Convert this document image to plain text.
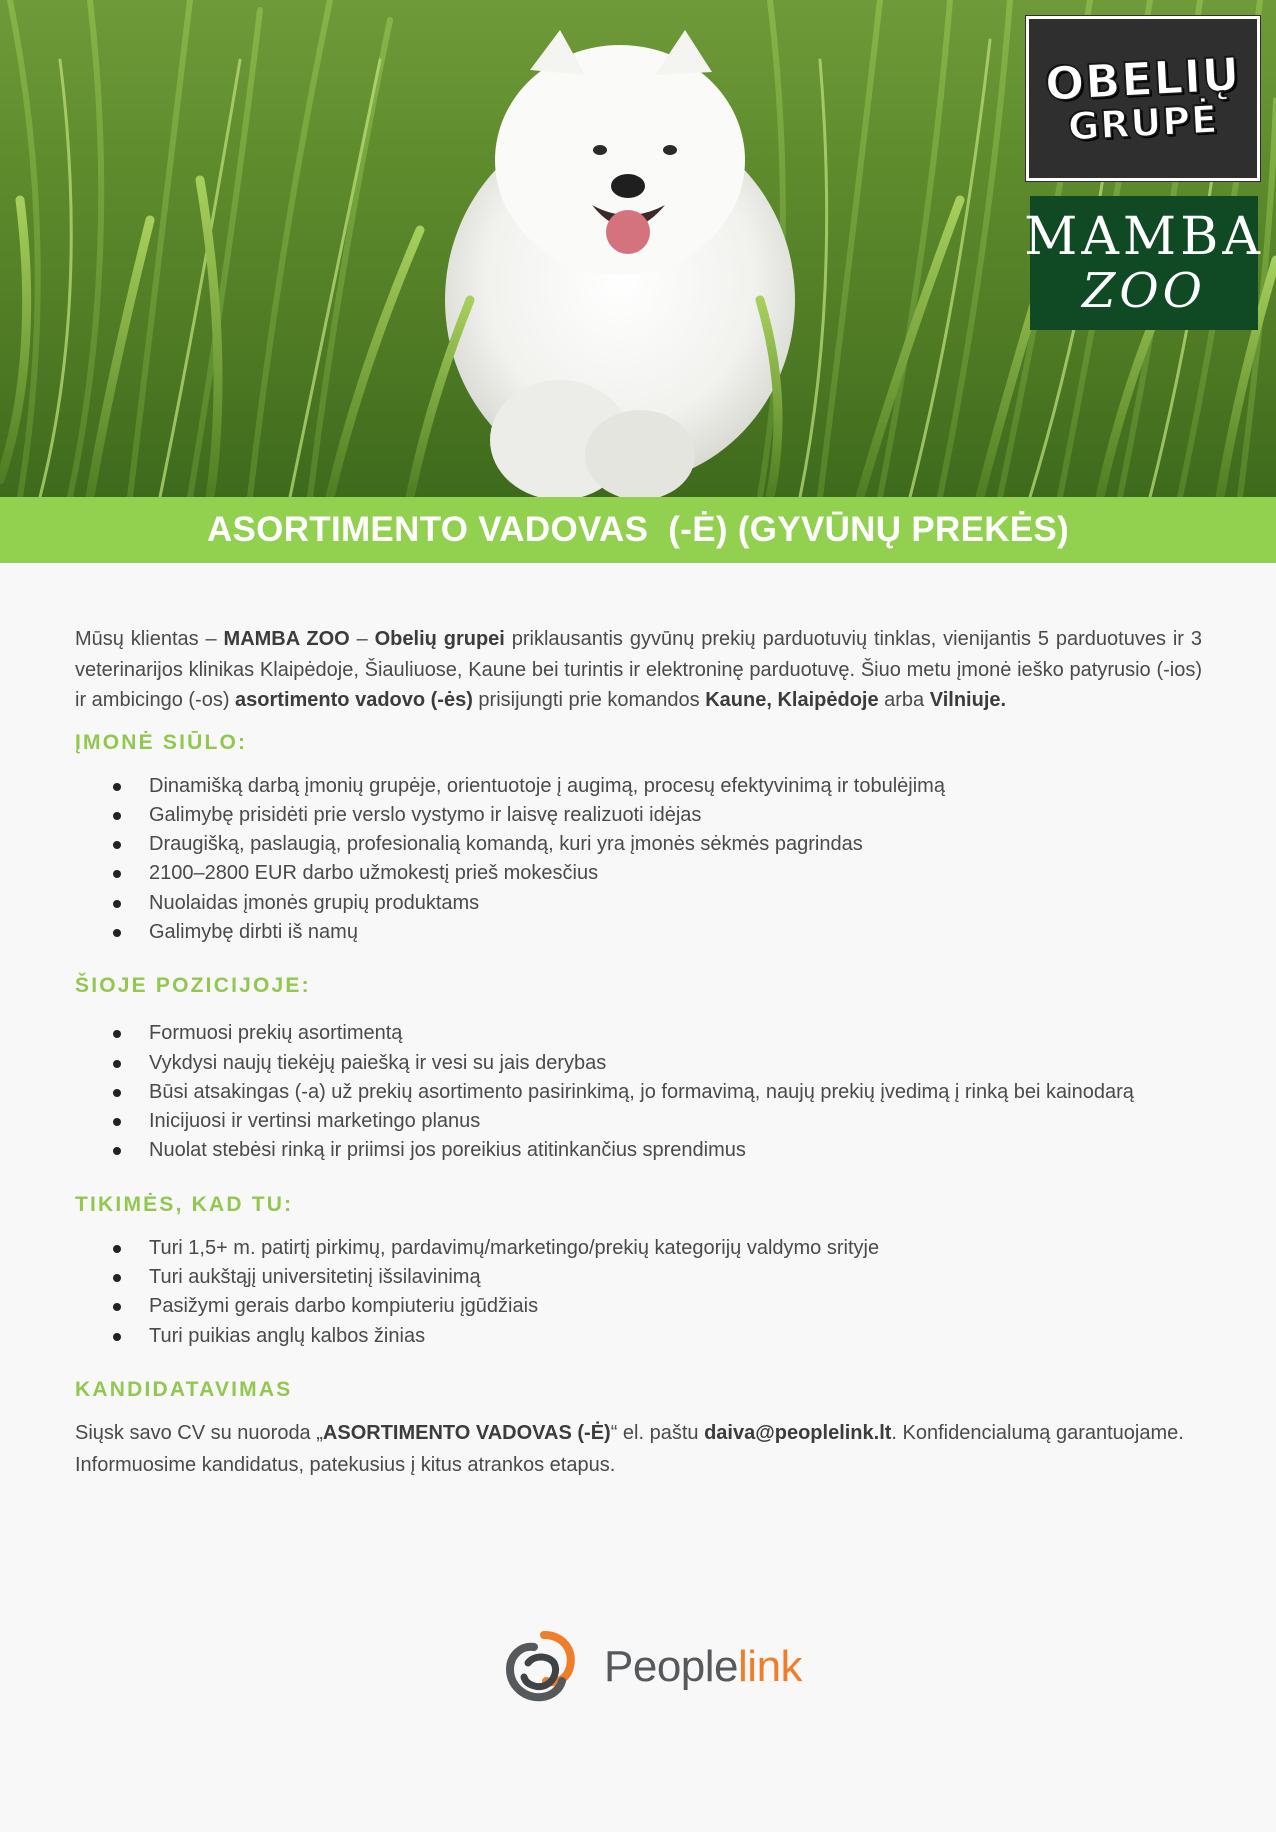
OBELIŲ
GRUPĖ
MAMBA
ZOO
ASORTIMENTO VADOVAS  (-Ė) (GYVŪNŲ PREKĖS)

Mūsų klientas – MAMBA ZOO – Obelių grupei priklausantis gyvūnų prekių parduotuvių tinklas, vienijantis 5 parduotuves ir 3 veterinarijos klinikas Klaipėdoje, Šiauliuose, Kaune bei turintis ir elektroninę parduotuvę. Šiuo metu įmonė ieško patyrusio (-ios) ir ambicingo (-os) asortimento vadovo (-ės) prisijungti prie komandos Kaune, Klaipėdoje arba Vilniuje.

ĮMONĖ SIŪLO:
Dinamišką darbą įmonių grupėje, orientuotoje į augimą, procesų efektyvinimą ir tobulėjimą
Galimybę prisidėti prie verslo vystymo ir laisvę realizuoti idėjas
Draugišką, paslaugią, profesionalią komandą, kuri yra įmonės sėkmės pagrindas
2100–2800 EUR darbo užmokestį prieš mokesčius
Nuolaidas įmonės grupių produktams
Galimybę dirbti iš namų
ŠIOJE POZICIJOJE:
Formuosi prekių asortimentą
Vykdysi naujų tiekėjų paiešką ir vesi su jais derybas
Būsi atsakingas (-a) už prekių asortimento pasirinkimą, jo formavimą, naujų prekių įvedimą į rinką bei kainodarą
Inicijuosi ir vertinsi marketingo planus
Nuolat stebėsi rinką ir priimsi jos poreikius atitinkančius sprendimus
TIKIMĖS, KAD TU:
Turi 1,5+ m. patirtį pirkimų, pardavimų/marketingo/prekių kategorijų valdymo srityje
Turi aukštąjį universitetinį išsilavinimą
Pasižymi gerais darbo kompiuteriu įgūdžiais
Turi puikias anglų kalbos žinias
KANDIDATAVIMAS

Siųsk savo CV su nuoroda „ASORTIMENTO VADOVAS (-Ė)“ el. paštu daiva@peoplelink.lt. Konfidencialumą garantuojame. Informuosime kandidatus, patekusius į kitus atrankos etapus.

Peoplelink
